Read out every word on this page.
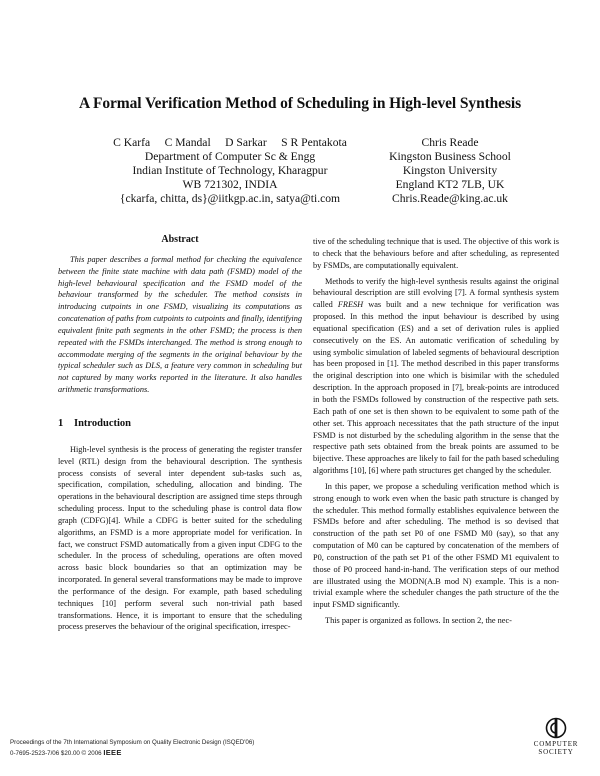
A Formal Verification Method of Scheduling in High-level Synthesis
C Karfa     C Mandal     D Sarkar     S R Pentakota
Department of Computer Sc & Engg
Indian Institute of Technology, Kharagpur
WB 721302, INDIA
{ckarfa, chitta, ds}@iitkgp.ac.in, satya@ti.com
Chris Reade
Kingston Business School
Kingston University
England KT2 7LB, UK
Chris.Reade@king.ac.uk
Abstract

This paper describes a formal method for checking the equivalence between the finite state machine with data path (FSMD) model of the high-level behavioural specification and the FSMD model of the behaviour transformed by the scheduler. The method consists in introducing cutpoints in one FSMD, visualizing its computations as concatenation of paths from cutpoints to cutpoints and finally, identifying equivalent finite path segments in the other FSMD; the process is then repeated with the FSMDs interchanged. The method is strong enough to accommodate merging of the segments in the original behaviour by the typical scheduler such as DLS, a feature very common in scheduling but not captured by many works reported in the literature. It also handles arithmetic transformations.

1 Introduction

High-level synthesis is the process of generating the register transfer level (RTL) design from the behavioural description. The synthesis process consists of several inter dependent sub-tasks such as, specification, compilation, scheduling, allocation and binding. The operations in the behavioural description are assigned time steps through scheduling process. Input to the scheduling phase is control data flow graph (CDFG)[4]. While a CDFG is better suited for the scheduling algorithms, an FSMD is a more appropriate model for verification. In fact, we construct FSMD automatically from a given input CDFG to the scheduler. In the process of scheduling, operations are often moved across basic block boundaries so that an optimization may be incorporated. In general several transformations may be made to improve the performance of the design. For example, path based scheduling techniques [10] perform several such non-trivial path based transformations. Hence, it is important to ensure that the scheduling process preserves the behaviour of the original specification, irrespec-

tive of the scheduling technique that is used. The objective of this work is to check that the behaviours before and after scheduling, as represented by FSMDs, are computationally equivalent.

Methods to verify the high-level synthesis results against the original behavioural description are still evolving [7]. A formal synthesis system called FRESH was built and a new technique for verification was proposed. In this method the input behaviour is described by using equational specification (ES) and a set of derivation rules is applied consecutively on the ES. An automatic verification of scheduling by using symbolic simulation of labeled segments of behavioural description has been proposed in [1]. The method described in this paper transforms the original description into one which is bisimilar with the scheduled description. In the approach proposed in [7], break-points are introduced in both the FSMDs followed by construction of the respective path sets. Each path of one set is then shown to be equivalent to some path of the other set. This approach necessitates that the path structure of the input FSMD is not disturbed by the scheduling algorithm in the sense that the respective path sets obtained from the break points are assumed to be bijective. These approaches are likely to fail for the path based scheduling algorithms [10], [6] where path structures get changed by the scheduler.

In this paper, we propose a scheduling verification method which is strong enough to work even when the basic path structure is changed by the scheduler. This method formally establishes equivalence between the FSMDs before and after scheduling. The method is so devised that construction of the path set P0 of one FSMD M0 (say), so that any computation of M0 can be captured by concatenation of the members of P0, construction of the path set P1 of the other FSMD M1 equivalent to those of P0 proceed hand-in-hand. The verification steps of our method are illustrated using the MODN(A.B mod N) example. This is a non-trivial example where the scheduler changes the path structure of the the input FSMD significantly.

This paper is organized as follows. In section 2, the nec-

Proceedings of the 7th International Symposium on Quality Electronic Design (ISQED'06)
0-7695-2523-7/06 $20.00 © 2006 IEEE
COMPUTER
SOCIETY
